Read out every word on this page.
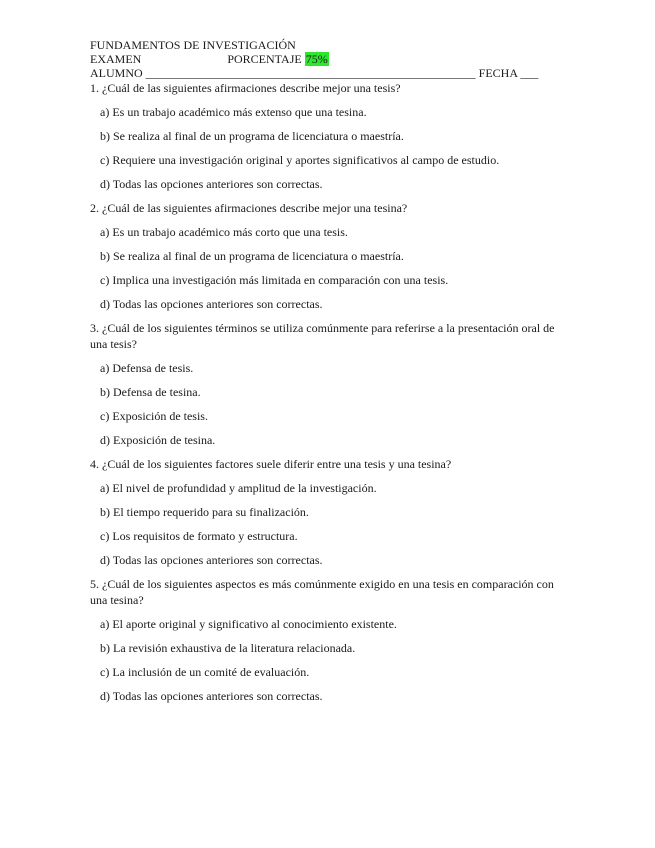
FUNDAMENTOS DE INVESTIGACIÓN
EXAMEN	PORCENTAJE 75%
ALUMNO _______________________________________________________ FECHA ___

1. ¿Cuál de las siguientes afirmaciones describe mejor una tesis?

a) Es un trabajo académico más extenso que una tesina.

b) Se realiza al final de un programa de licenciatura o maestría.

c) Requiere una investigación original y aportes significativos al campo de estudio.

d) Todas las opciones anteriores son correctas.

2. ¿Cuál de las siguientes afirmaciones describe mejor una tesina?

a) Es un trabajo académico más corto que una tesis.

b) Se realiza al final de un programa de licenciatura o maestría.

c) Implica una investigación más limitada en comparación con una tesis.

d) Todas las opciones anteriores son correctas.

3. ¿Cuál de los siguientes términos se utiliza comúnmente para referirse a la presentación oral de una tesis?

a) Defensa de tesis.

b) Defensa de tesina.

c) Exposición de tesis.

d) Exposición de tesina.

4. ¿Cuál de los siguientes factores suele diferir entre una tesis y una tesina?

a) El nivel de profundidad y amplitud de la investigación.

b) El tiempo requerido para su finalización.

c) Los requisitos de formato y estructura.

d) Todas las opciones anteriores son correctas.

5. ¿Cuál de los siguientes aspectos es más comúnmente exigido en una tesis en comparación con una tesina?

a) El aporte original y significativo al conocimiento existente.

b) La revisión exhaustiva de la literatura relacionada.

c) La inclusión de un comité de evaluación.

d) Todas las opciones anteriores son correctas.
